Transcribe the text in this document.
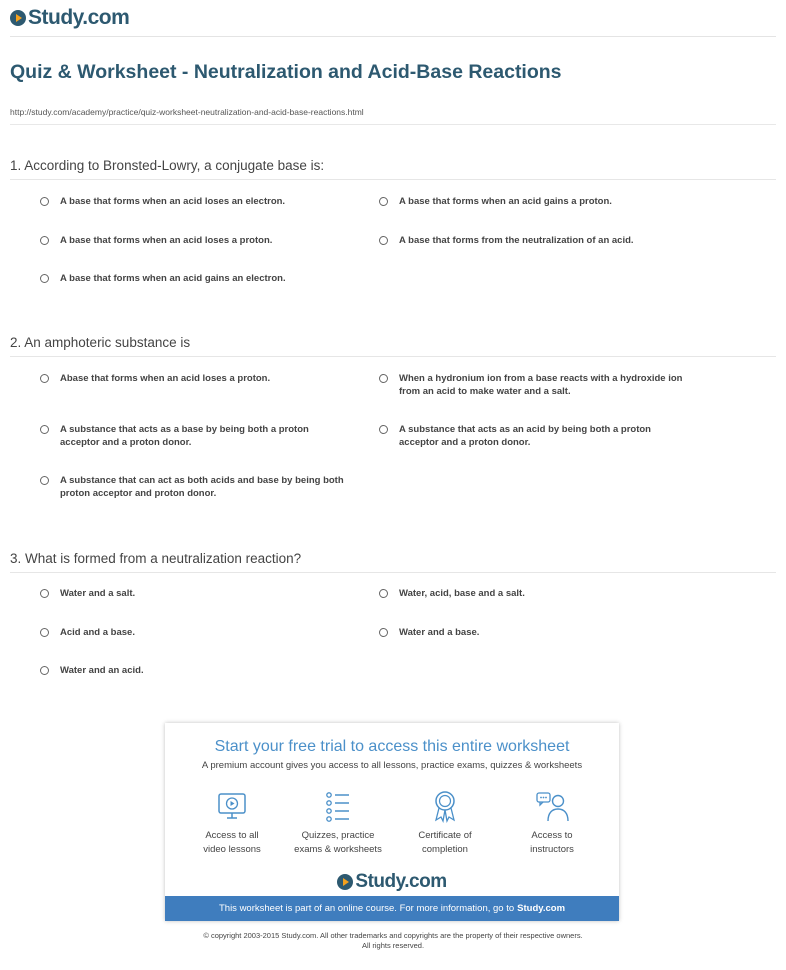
Study.com
Quiz & Worksheet - Neutralization and Acid-Base Reactions
http://study.com/academy/practice/quiz-worksheet-neutralization-and-acid-base-reactions.html
1. According to Bronsted-Lowry, a conjugate base is:
A base that forms when an acid loses an electron.	A base that forms when an acid gains a proton.
A base that forms when an acid loses a proton.	A base that forms from the neutralization of an acid.
A base that forms when an acid gains an electron.
2. An amphoteric substance is
Abase that forms when an acid loses a proton.	When a hydronium ion from a base reacts with a hydroxide ion from an acid to make water and a salt.
A substance that acts as a base by being both a proton acceptor and a proton donor.
A substance that acts as an acid by being both a proton acceptor and a proton donor.
A substance that can act as both acids and base by being both proton acceptor and proton donor.
3. What is formed from a neutralization reaction?
Water and a salt.	Water, acid, base and a salt.
Acid and a base.	Water and a base.
Water and an acid.
Start your free trial to access this entire worksheet
A premium account gives you access to all lessons, practice exams, quizzes & worksheets
Access to all
video lessons
Quizzes, practice
exams & worksheets
Certificate of
completion
Access to
instructors
Study.com
This worksheet is part of an online course. For more information, go to Study.com
© copyright 2003-2015 Study.com. All other trademarks and copyrights are the property of their respective owners.
All rights reserved.
